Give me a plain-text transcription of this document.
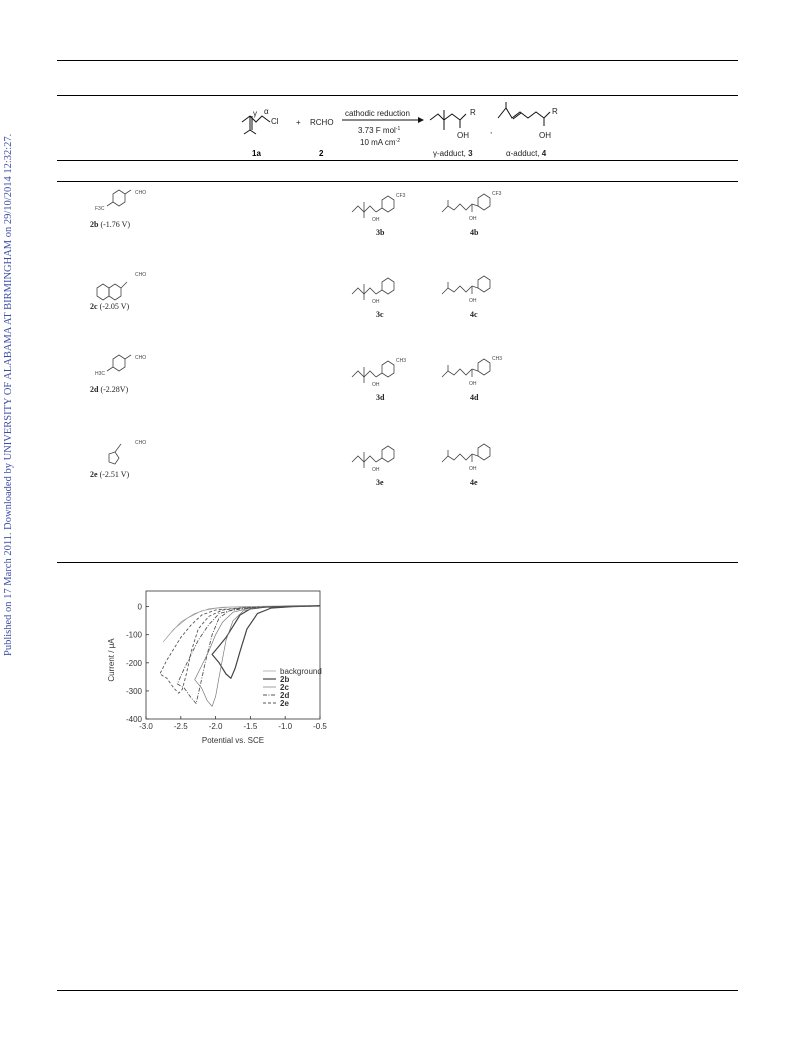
Published on 17 March 2011. Downloaded by UNIVERSITY OF ALABAMA AT BIRMINGHAM on 29/10/2014 12:32:27.
γ α
Cl + RCHO
cathodic reduction
3.73 F mol$^{-1}$
10 mA $cm^{-2}$
R
OH
,
R
OH
1a	2	γ-adduct, 3	α-adduct, 4
CHO
F3C
2b (-1.76 V)
CF3
OH
3b
CF3
OH
4b
CHO
2c (-2.05 V)	OH
3c
OH
4c
CHO
H3C
2d (-2.28V)
CH3
OH
3d
CH3
OH
4d
CHO
2e (-2.51 V)	OH
3e
OH
4e
-3.0	-2.5	-2.0	-1.5	-1.0	-0.5
0
-100
-200
-300
-400
background
2b
2c
2d
2e
Potential vs. SCE
Current / μA
